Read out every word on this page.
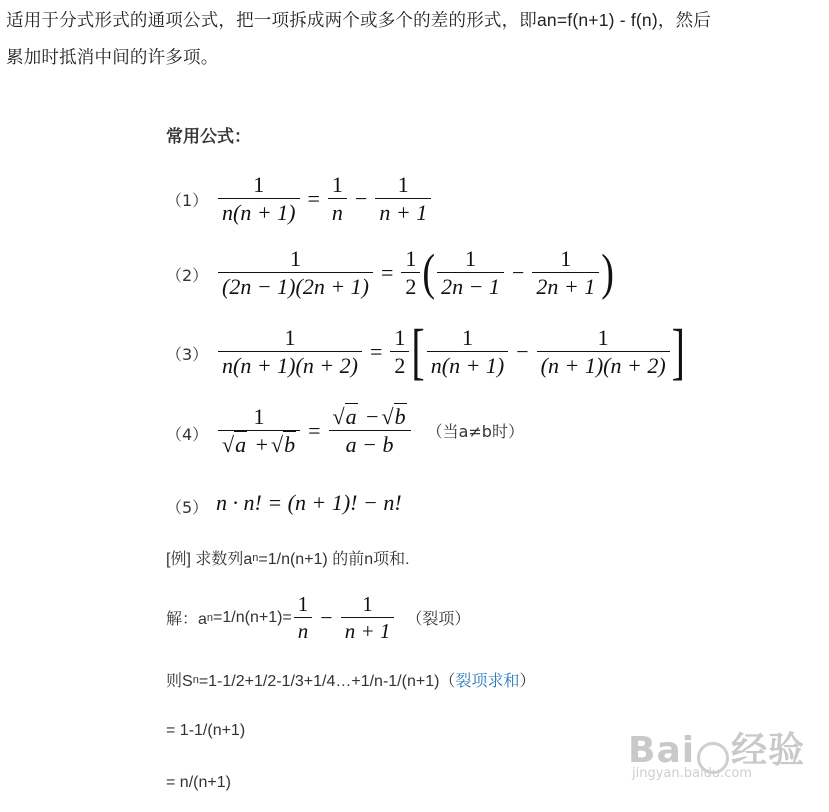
适用于分式形式的通项公式，把一项拆成两个或多个的差的形式，即an=f(n+1) - f(n)，然后
累加时抵消中间的许多项。
常用公式：
$(1) \frac{1}{n(n + 1)} = \frac{1}{n} - \frac{1}{n + 1}$
$(2) \frac{1}{(2n - 1)(2n + 1)} = \frac{1}{2}$ ( $\frac{1}{2n - 1} - \frac{1}{2n + 1}$ )
$(3) \frac{1}{n(n + 1)(n + 2)} = \frac{1}{2}$ [ $\frac{1}{n(n + 1)} - \frac{1}{(n + 1)(n + 2)}$ ]
$(4) \frac{1}{√a + √b} = \frac{√a - √b}{a - b}$ （当a≠b时）
（5） n · n! = (n + 1)! − n!
[例] 求数列a n =1/n(n+1) 的前n项和.
解：a $n =1/n(n+1)= \frac{1}{n} - \frac{1}{n + 1}$ （裂项）
则S n =1-1/2+1/2-1/3+1/4…+1/n-1/(n+1)（ 裂项求和 ）
= 1-1/(n+1)
= n/(n+1)
Bai 经验
jingyan.baidu.com
